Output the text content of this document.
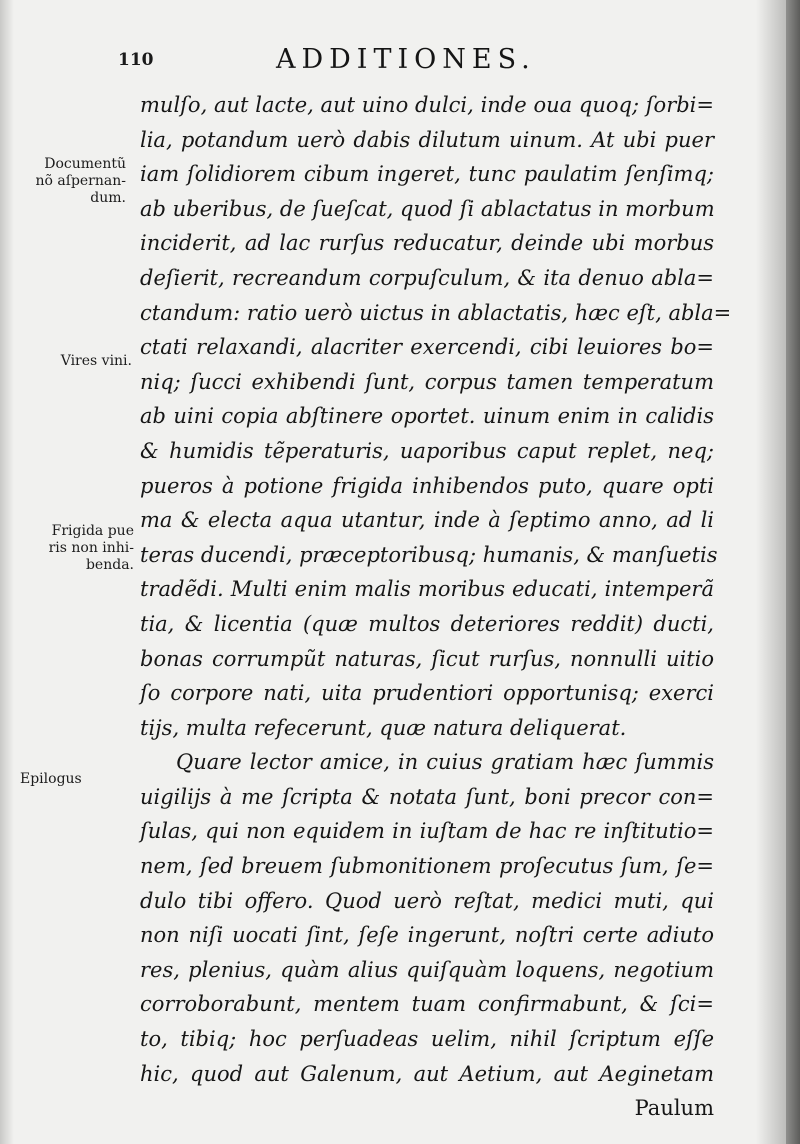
110	ADDITIONES.
Documentũ
nõ aſpernan-
dum.
Vires vini.
Frigida pue
ris non inhi-
benda.
Epilogus
mulſo, aut lacte, aut uino dulci, inde oua quoq; ſorbi=
lia, potandum uerò dabis dilutum uinum. At ubi puer
iam ſolidiorem cibum ingeret, tunc paulatim ſenſimq;
ab uberibus, de ſueſcat, quod ſi ablactatus in morbum
inciderit, ad lac rurſus reducatur, deinde ubi morbus
deſierit, recreandum corpuſculum, & ita denuo abla=
ctandum: ratio uerò uictus in ablactatis, hæc eſt, abla=
ctati relaxandi, alacriter exercendi, cibi leuiores bo=
niq; ſucci exhibendi ſunt, corpus tamen temperatum
ab uini copia abſtinere oportet. uinum enim in calidis
& humidis tẽperaturis, uaporibus caput replet, neq;
pueros à potione frigida inhibendos puto, quare opti
ma & electa aqua utantur, inde à ſeptimo anno, ad li
teras ducendi, præceptoribusq; humanis, & manſuetis
tradẽdi. Multi enim malis moribus educati, intemperã
tia, & licentia (quæ multos deteriores reddit) ducti,
bonas corrumpũt naturas, ſicut rurſus, nonnulli uitio
ſo corpore nati, uita prudentiori opportunisq; exerci
tijs, multa refecerunt, quæ natura deliquerat.
Quare lector amice, in cuius gratiam hæc ſummis
uigilijs à me ſcripta & notata ſunt, boni precor con=
ſulas, qui non equidem in iuſtam de hac re inſtitutio=
nem, ſed breuem ſubmonitionem proſecutus ſum, ſe=
dulo tibi offero. Quod uerò reſtat, medici muti, qui
non niſi uocati ſint, ſeſe ingerunt, noſtri certe adiuto
res, plenius, quàm alius quiſquàm loquens, negotium
corroborabunt, mentem tuam confirmabunt, & ſci=
to, tibiq; hoc perſuadeas uelim, nihil ſcriptum eſſe
hic, quod aut Galenum, aut Aetium, aut Aeginetam
Paulum
